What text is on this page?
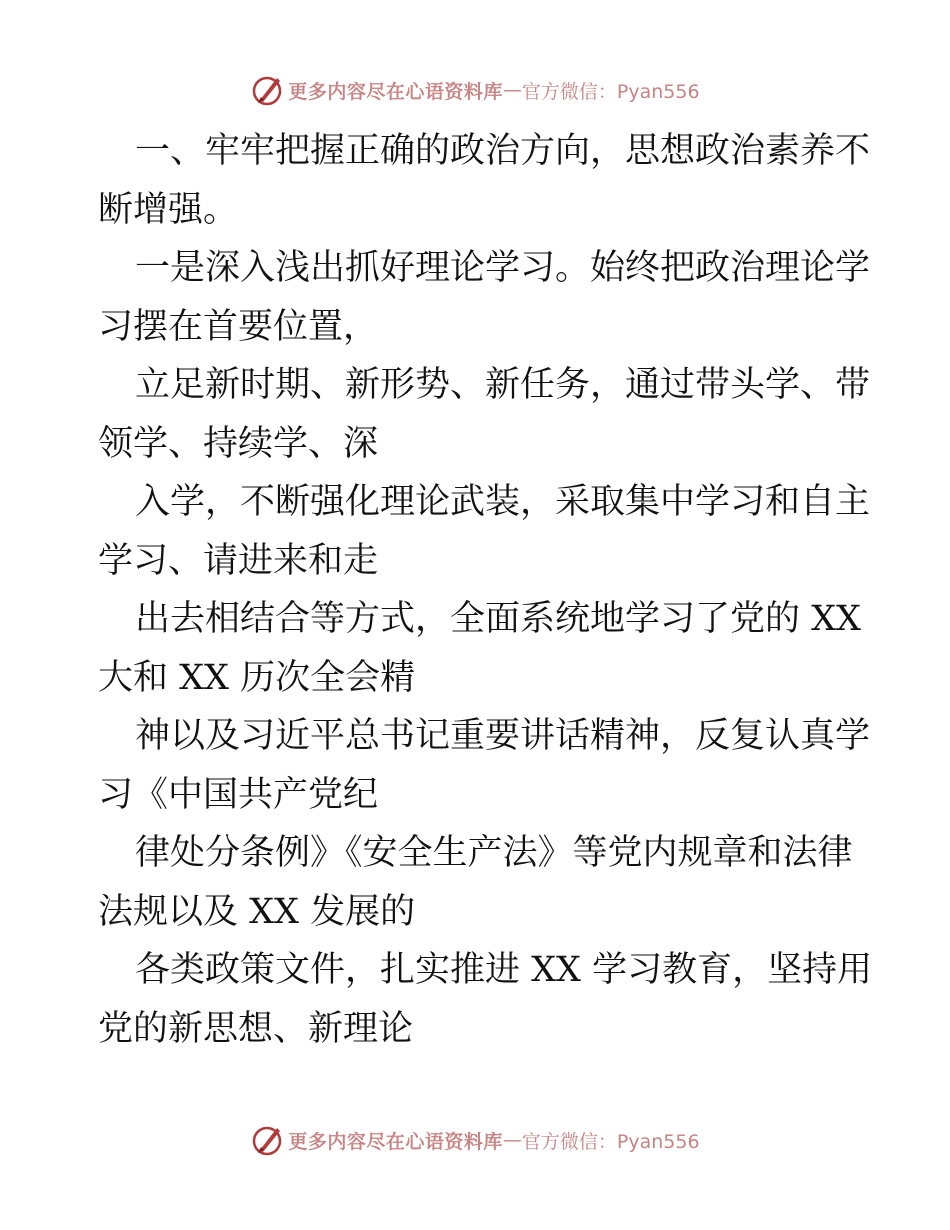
更多内容尽在心语资料库 — 官方微信：Pyan556
一、牢牢把握正确的政治方向，思想政治素养不
断增强。
一是深入浅出抓好理论学习。始终把政治理论学
习摆在首要位置，
立足新时期、新形势、新任务，通过带头学、带
领学、持续学、深
入学，不断强化理论武装，采取集中学习和自主
学习、请进来和走
出去相结合等方式，全面系统地学习了党的 XX
大和 XX 历次全会精
神以及习近平总书记重要讲话精神，反复认真学
习《中国共产党纪
律处分条例》《安全生产法》等党内规章和法律
法规以及 XX 发展的
各类政策文件，扎实推进 XX 学习教育，坚持用
党的新思想、新理论
更多内容尽在心语资料库 — 官方微信：Pyan556
